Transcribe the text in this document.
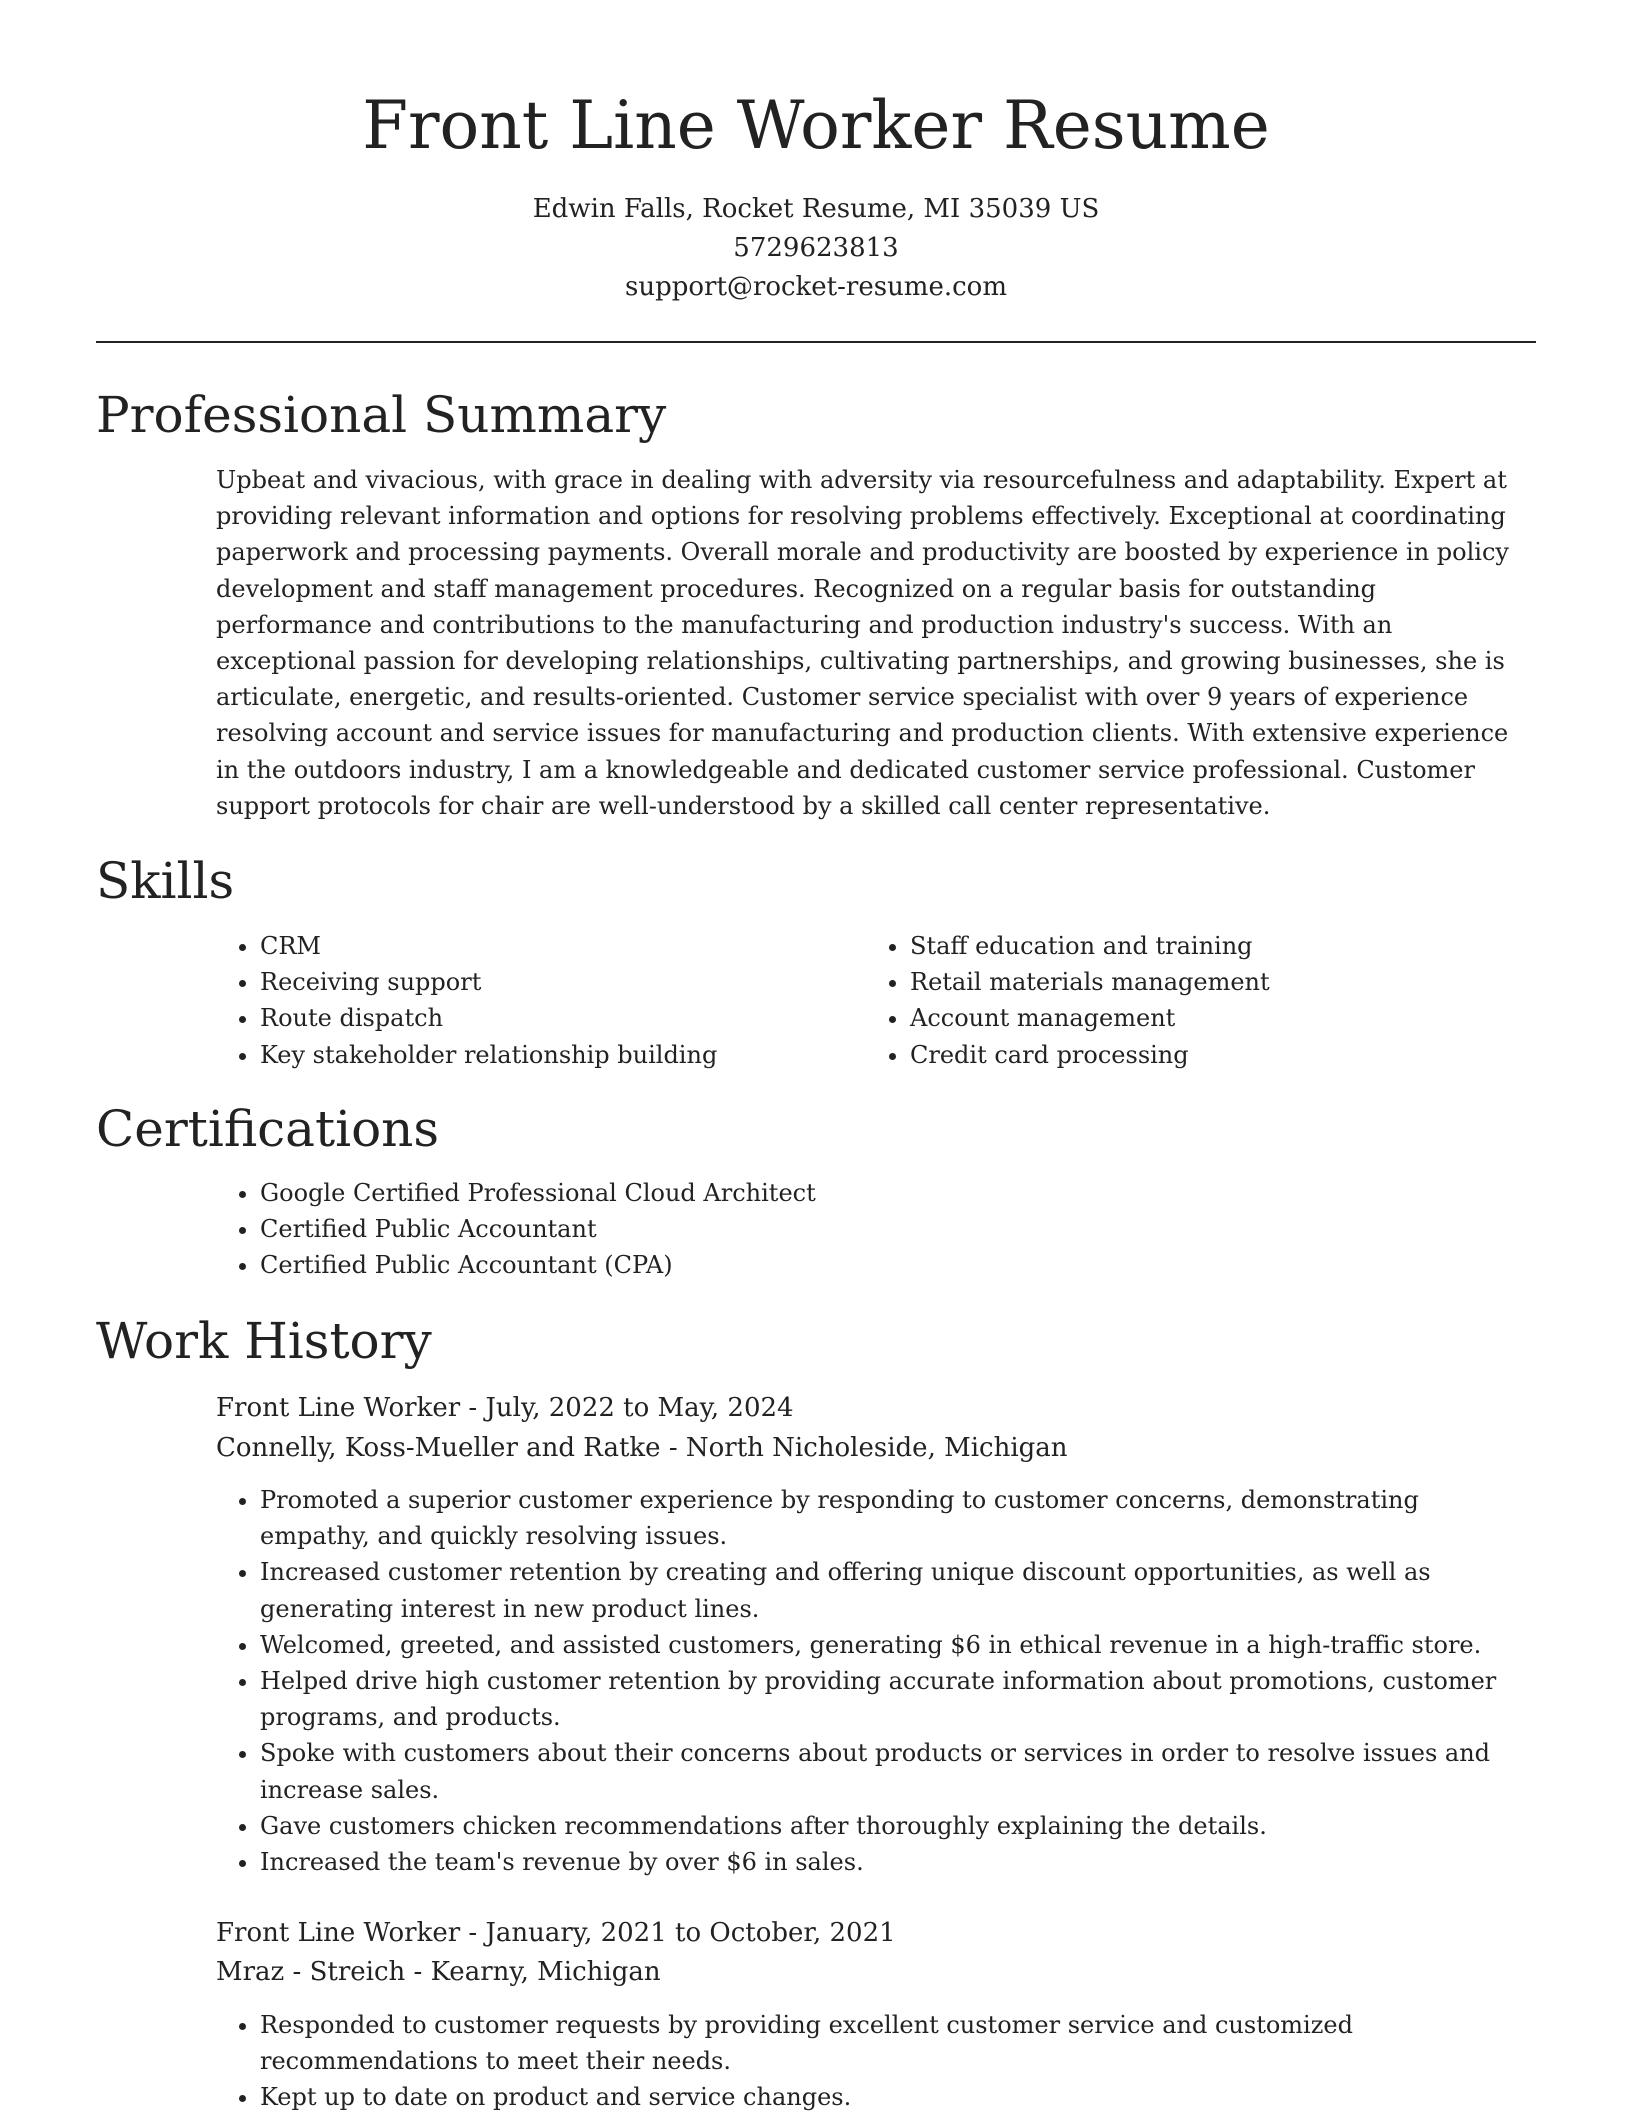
Front Line Worker Resume
Edwin Falls, Rocket Resume, MI 35039 US
5729623813
support@rocket-resume.com
Professional Summary

Upbeat and vivacious, with grace in dealing with adversity via resourcefulness and adaptability. Expert at providing relevant information and options for resolving problems effectively. Exceptional at coordinating paperwork and processing payments. Overall morale and productivity are boosted by experience in policy development and staff management procedures. Recognized on a regular basis for outstanding performance and contributions to the manufacturing and production industry's success. With an exceptional passion for developing relationships, cultivating partnerships, and growing businesses, she is articulate, energetic, and results-oriented. Customer service specialist with over 9 years of experience resolving account and service issues for manufacturing and production clients. With extensive experience in the outdoors industry, I am a knowledgeable and dedicated customer service professional. Customer support protocols for chair are well-understood by a skilled call center representative.

Skills
• CRM
• Receiving support
• Route dispatch
• Key stakeholder relationship building
• Staff education and training
• Retail materials management
• Account management
• Credit card processing
Certifications
• Google Certified Professional Cloud Architect
• Certified Public Accountant
• Certified Public Accountant (CPA)
Work History
Front Line Worker - July, 2022 to May, 2024
Connelly, Koss-Mueller and Ratke - North Nicholeside, Michigan
• Promoted a superior customer experience by responding to customer concerns, demonstrating empathy, and quickly resolving issues.
• Increased customer retention by creating and offering unique discount opportunities, as well as generating interest in new product lines.
• Welcomed, greeted, and assisted customers, generating $6 in ethical revenue in a high-traffic store.
• Helped drive high customer retention by providing accurate information about promotions, customer programs, and products.
• Spoke with customers about their concerns about products or services in order to resolve issues and increase sales.
• Gave customers chicken recommendations after thoroughly explaining the details.
• Increased the team's revenue by over $6 in sales.
Front Line Worker - January, 2021 to October, 2021
Mraz - Streich - Kearny, Michigan
• Responded to customer requests by providing excellent customer service and customized recommendations to meet their needs.
• Kept up to date on product and service changes.
